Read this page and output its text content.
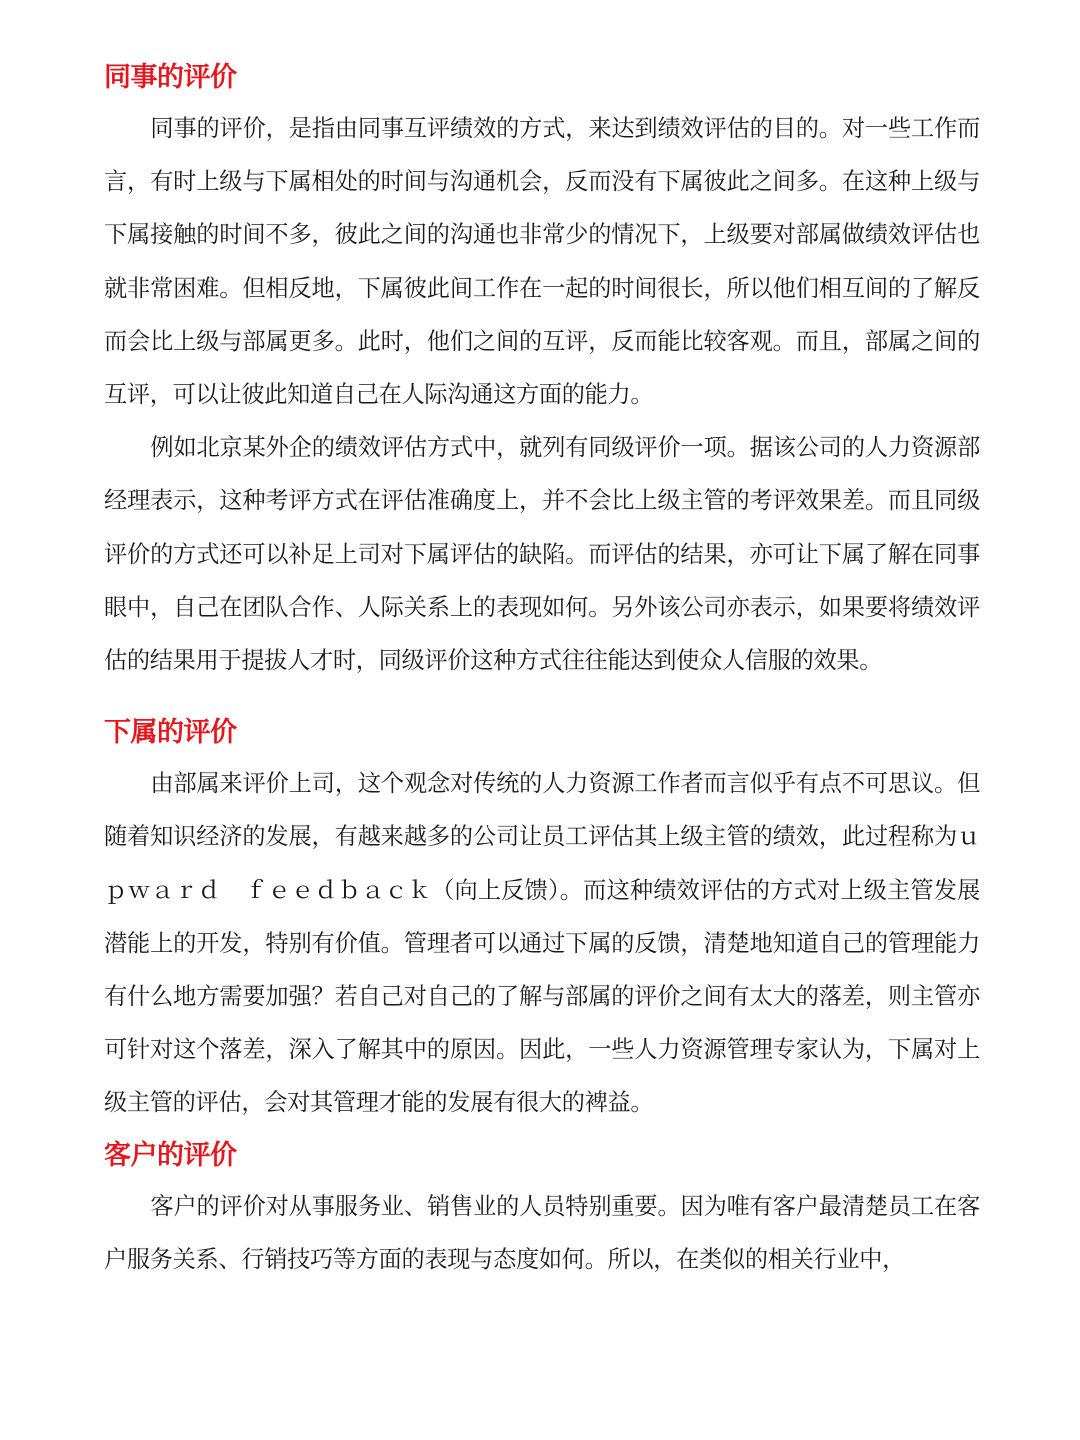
同事的评价

同事的评价，是指由同事互评绩效的方式，来达到绩效评估的目的。对一些工作而言，有时上级与下属相处的时间与沟通机会，反而没有下属彼此之间多。在这种上级与下属接触的时间不多，彼此之间的沟通也非常少的情况下，上级要对部属做绩效评估也就非常困难。但相反地，下属彼此间工作在一起的时间很长，所以他们相互间的了解反而会比上级与部属更多。此时，他们之间的互评，反而能比较客观。而且，部属之间的互评，可以让彼此知道自己在人际沟通这方面的能力。

例如北京某外企的绩效评估方式中，就列有同级评价一项。据该公司的人力资源部经理表示，这种考评方式在评估准确度上，并不会比上级主管的考评效果差。而且同级评价的方式还可以补足上司对下属评估的缺陷。而评估的结果，亦可让下属了解在同事眼中，自己在团队合作、人际关系上的表现如何。另外该公司亦表示，如果要将绩效评估的结果用于提拔人才时，同级评价这种方式往往能达到使众人信服的效果。

下属的评价

由部属来评价上司，这个观念对传统的人力资源工作者而言似乎有点不可思议。但随着知识经济的发展，有越来越多的公司让员工评估其上级主管的绩效，此过程称为ｕｐｗａｒｄ　ｆｅｅｄｂａｃｋ（向上反馈）。而这种绩效评估的方式对上级主管发展潜能上的开发，特别有价值。管理者可以通过下属的反馈，清楚地知道自己的管理能力有什么地方需要加强？若自己对自己的了解与部属的评价之间有太大的落差，则主管亦可针对这个落差，深入了解其中的原因。因此，一些人力资源管理专家认为，下属对上级主管的评估，会对其管理才能的发展有很大的裨益。

客户的评价

客户的评价对从事服务业、销售业的人员特别重要。因为唯有客户最清楚员工在客户服务关系、行销技巧等方面的表现与态度如何。所以，在类似的相关行业中，
